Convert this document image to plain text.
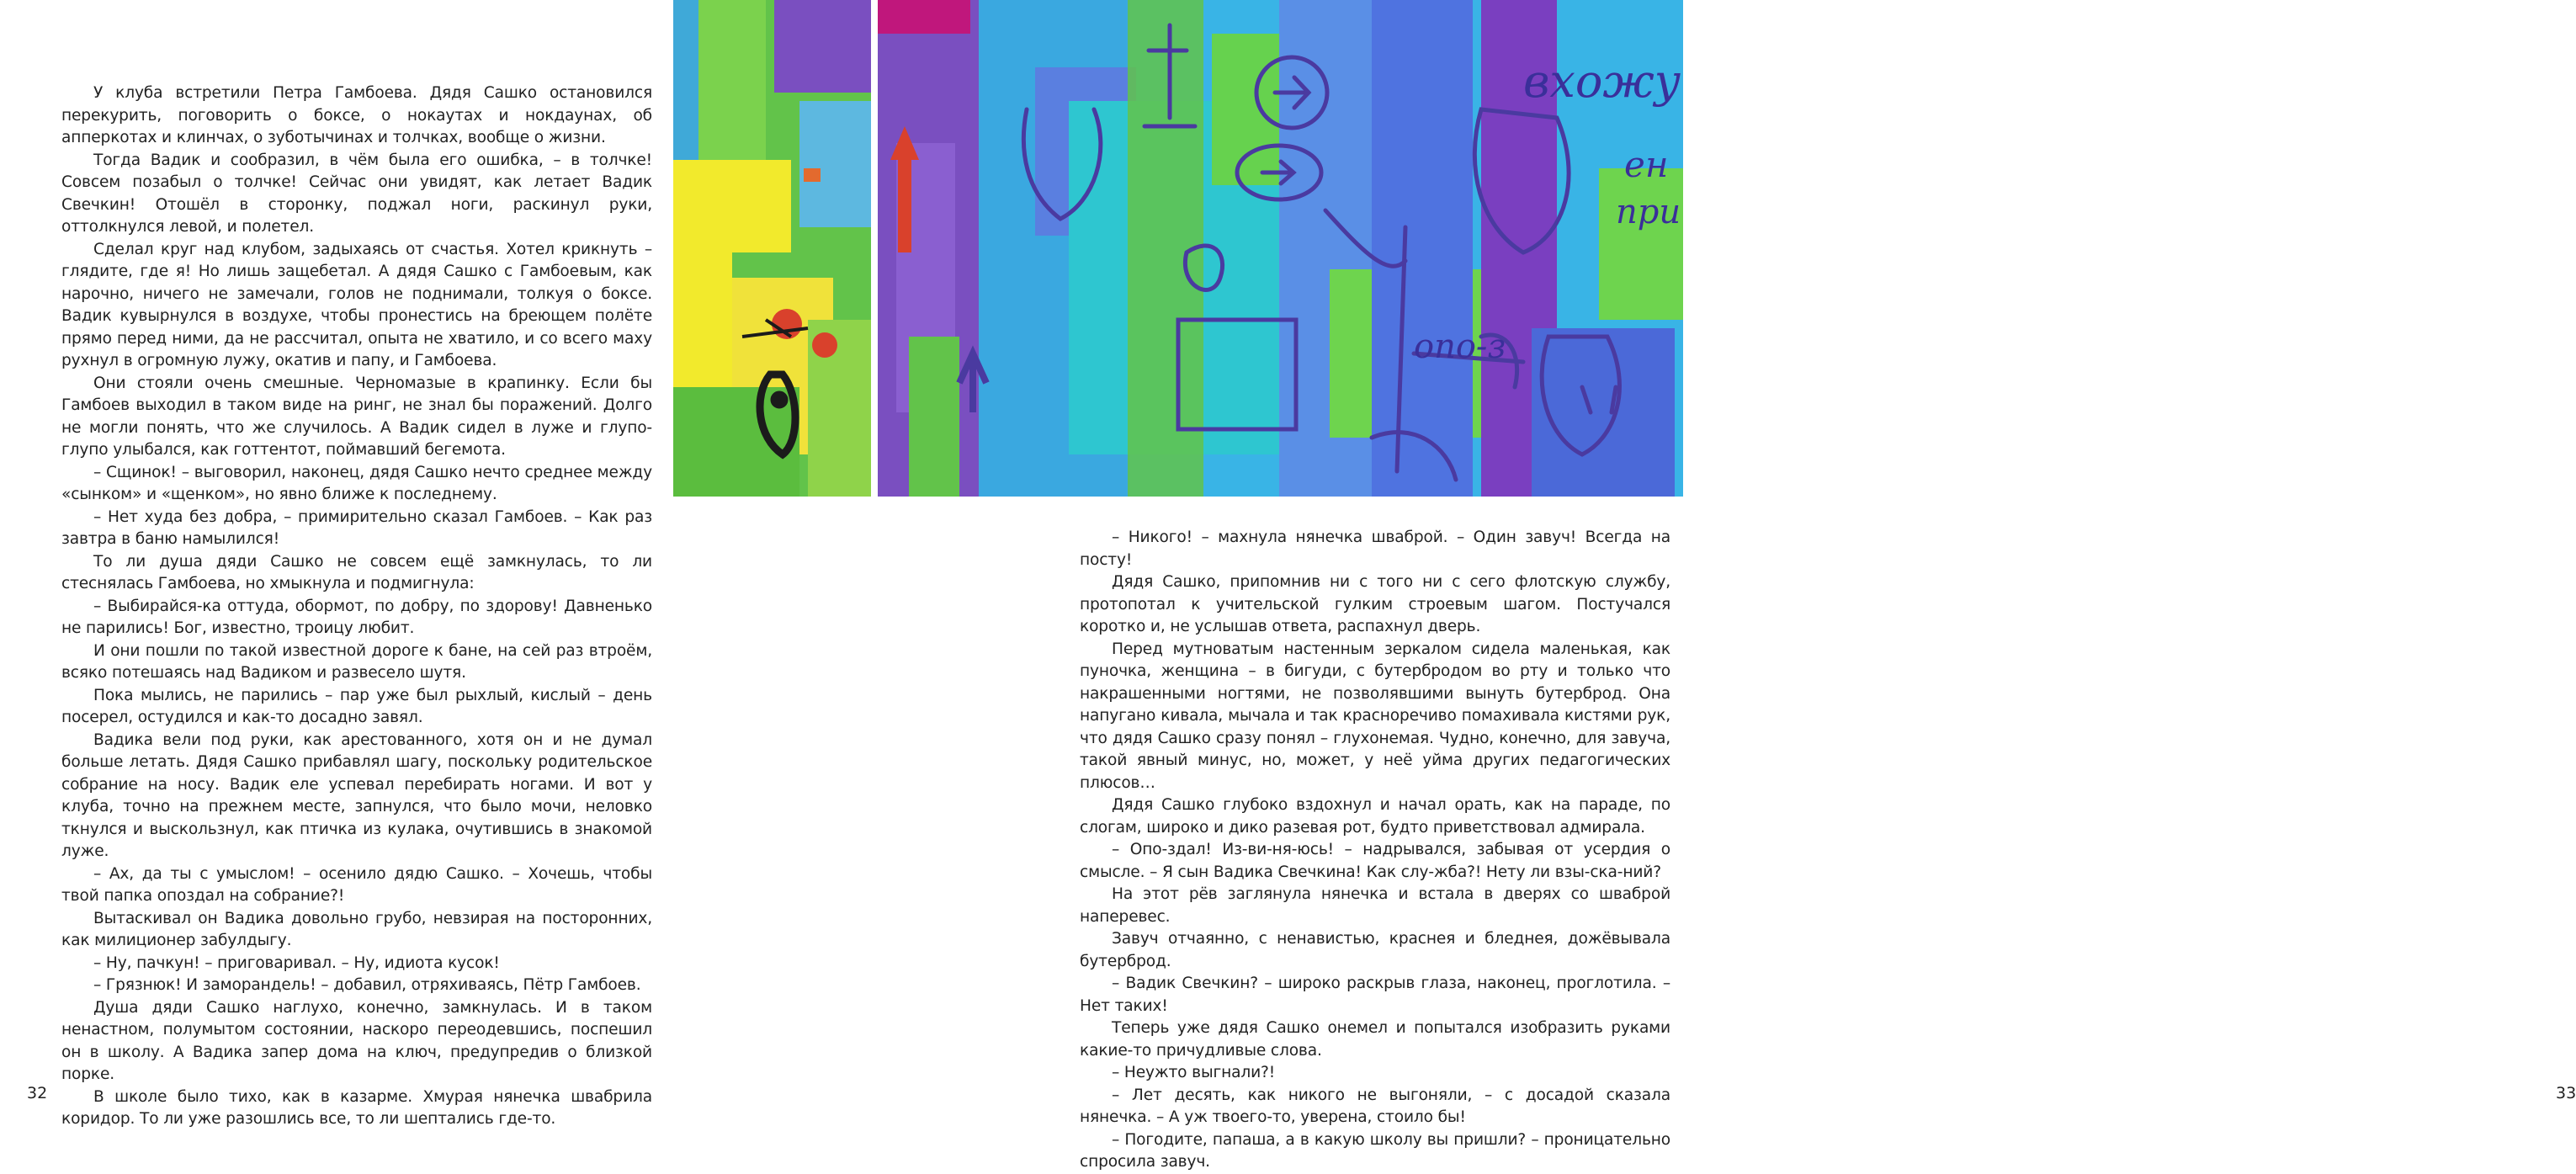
У клуба встретили Петра Гамбоева. Дядя Сашко остановился перекурить, поговорить о боксе, о нокаутах и нокдаунах, об апперкотах и клинчах, о зуботычинах и толчках, вообще о жизни.

Тогда Вадик и сообразил, в чём была его ошибка, – в толчке! Совсем позабыл о толчке! Сейчас они увидят, как летает Вадик Свечкин! Отошёл в сторонку, поджал ноги, раскинул руки, оттолкнулся левой, и полетел.

Сделал круг над клубом, задыхаясь от счастья. Хотел крикнуть – глядите, где я! Но лишь защебетал. А дядя Сашко с Гамбоевым, как нарочно, ничего не замечали, голов не поднимали, толкуя о боксе. Вадик кувырнулся в воздухе, чтобы пронестись на бреющем полёте прямо перед ними, да не рассчитал, опыта не хватило, и со всего маху рухнул в огромную лужу, окатив и папу, и Гамбоева.

Они стояли очень смешные. Черномазые в крапинку. Если бы Гамбоев выходил в таком виде на ринг, не знал бы поражений. Долго не могли понять, что же случилось. А Вадик сидел в луже и глупо-глупо улыбался, как готтентот, поймавший бегемота.

– Сщинок! – выговорил, наконец, дядя Сашко нечто среднее между «сынком» и «щенком», но явно ближе к последнему.

– Нет худа без добра, – примирительно сказал Гамбоев. – Как раз завтра в баню намылился!

То ли душа дяди Сашко не совсем ещё замкнулась, то ли стеснялась Гамбоева, но хмыкнула и подмигнула:

– Выбирайся-ка оттуда, обормот, по добру, по здорову! Давненько не парились! Бог, известно, троицу любит.

И они пошли по такой известной дороге к бане, на сей раз втроём, всяко потешаясь над Вадиком и развесело шутя.

Пока мылись, не парились – пар уже был рыхлый, кислый – день посерел, остудился и как-то досадно завял.

Вадика вели под руки, как арестованного, хотя он и не думал больше летать. Дядя Сашко прибавлял шагу, поскольку родительское собрание на носу. Вадик еле успевал перебирать ногами. И вот у клуба, точно на прежнем месте, запнулся, что было мочи, неловко ткнулся и выскользнул, как птичка из кулака, очутившись в знакомой луже.

– Ах, да ты с умыслом! – осенило дядю Сашко. – Хочешь, чтобы твой папка опоздал на собрание?!

Вытаскивал он Вадика довольно грубо, невзирая на посторонних, как милиционер забулдыгу.

– Ну, пачкун! – приговаривал. – Ну, идиота кусок!

– Грязнюк! И заморандель! – добавил, отряхиваясь, Пётр Гамбоев.

Душа дяди Сашко наглухо, конечно, замкнулась. И в таком ненастном, полумытом состоянии, наскоро переодевшись, поспешил он в школу. А Вадика запер дома на ключ, предупредив о близкой порке.

В школе было тихо, как в казарме. Хмурая нянечка швабрила коридор. То ли уже разошлись все, то ли шептались где-то.

32
вхожу
ен
при
опо-з
33

– Никого! – махнула нянечка шваброй. – Один завуч! Всегда на посту!

Дядя Сашко, припомнив ни с того ни с сего флотскую службу, протопотал к учительской гулким строевым шагом. Постучался коротко и, не услышав ответа, распахнул дверь.

Перед мутноватым настенным зеркалом сидела маленькая, как пуночка, женщина – в бигуди, с бутербродом во рту и только что накрашенными ногтями, не позволявшими вынуть бутерброд. Она напугано кивала, мычала и так красноречиво помахивала кистями рук, что дядя Сашко сразу понял – глухонемая. Чудно, конечно, для завуча, такой явный минус, но, может, у неё уйма других педагогических плюсов…

Дядя Сашко глубоко вздохнул и начал орать, как на параде, по слогам, широко и дико разевая рот, будто приветствовал адмирала.

– Опо-здал! Из-ви-ня-юсь! – надрывался, забывая от усердия о смысле. – Я сын Вадика Свечкина! Как слу-жба?! Нету ли взы-ска-ний?

На этот рёв заглянула нянечка и встала в дверях со шваброй наперевес.

Завуч отчаянно, с ненавистью, краснея и бледнея, дожёвывала бутерброд.

– Вадик Свечкин? – широко раскрыв глаза, наконец, проглотила. – Нет таких!

Теперь уже дядя Сашко онемел и попытался изобразить руками какие-то причудливые слова.

– Неужто выгнали?!

– Лет десять, как никого не выгоняли, – с досадой сказала нянечка. – А уж твоего-то, уверена, стоило бы!

– Погодите, папаша, а в какую школу вы пришли? – проницательно спросила завуч.
